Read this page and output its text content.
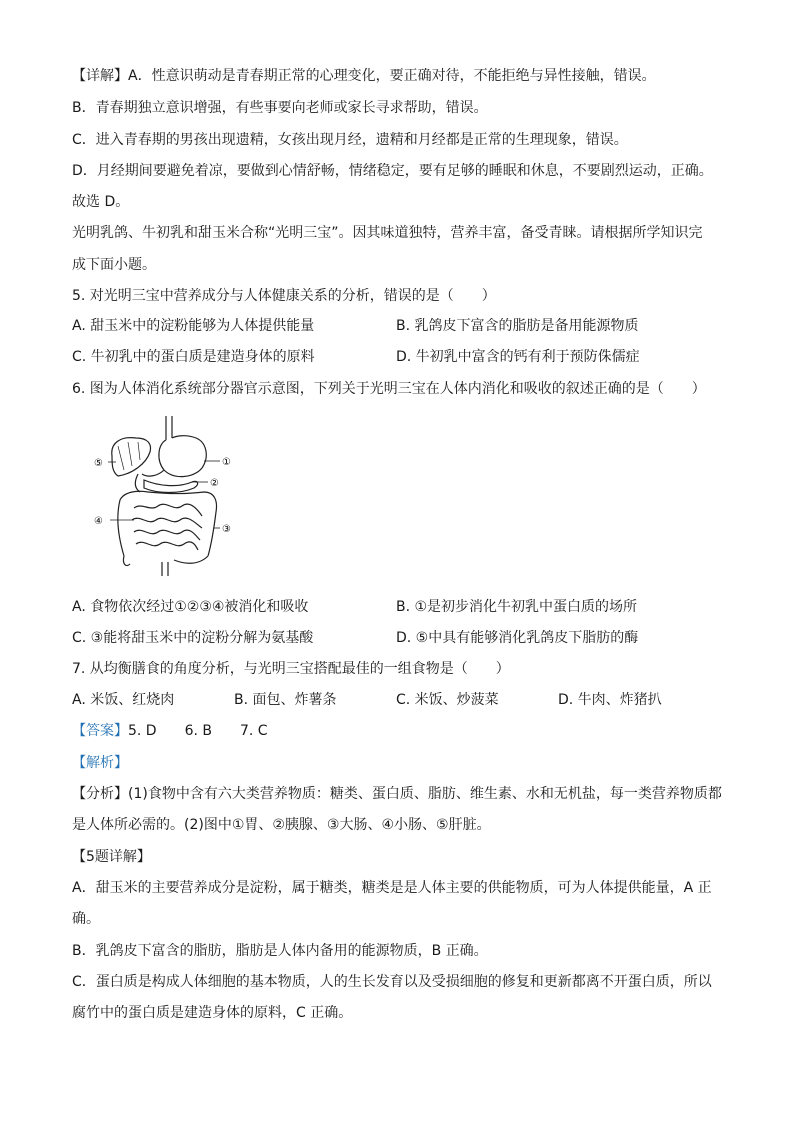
【详解】A．性意识萌动是青春期正常的心理变化，要正确对待，不能拒绝与异性接触，错误。
B．青春期独立意识增强，有些事要向老师或家长寻求帮助，错误。
C．进入青春期的男孩出现遗精，女孩出现月经，遗精和月经都是正常的生理现象，错误。
D．月经期间要避免着凉，要做到心情舒畅，情绪稳定，要有足够的睡眠和休息，不要剧烈运动，正确。
故选 D。
光明乳鸽、牛初乳和甜玉米合称“光明三宝”。因其味道独特，营养丰富，备受青睐。请根据所学知识完
成下面小题。
5. 对光明三宝中营养成分与人体健康关系的分析，错误的是（　　）
A. 甜玉米中的淀粉能够为人体提供能量	B. 乳鸽皮下富含的脂肪是备用能源物质
C. 牛初乳中的蛋白质是建造身体的原料	D. 牛初乳中富含的钙有利于预防侏儒症
6. 图为人体消化系统部分器官示意图，下列关于光明三宝在人体内消化和吸收的叙述正确的是（　　）
①
②
③
④
⑤
A. 食物依次经过①②③④被消化和吸收	B. ①是初步消化牛初乳中蛋白质的场所
C. ③能将甜玉米中的淀粉分解为氨基酸	D. ⑤中具有能够消化乳鸽皮下脂肪的酶
7. 从均衡膳食的角度分析，与光明三宝搭配最佳的一组食物是（　　）
A. 米饭、红烧肉	B. 面包、炸薯条	C. 米饭、炒菠菜	D. 牛肉、炸猪扒
【答案】5. D　　6. B　　7. C
【解析】
【分析】(1)食物中含有六大类营养物质：糖类、蛋白质、脂肪、维生素、水和无机盐，每一类营养物质都
是人体所必需的。(2)图中①胃、②胰腺、③大肠、④小肠、⑤肝脏。
【5题详解】
A．甜玉米的主要营养成分是淀粉，属于糖类，糖类是是人体主要的供能物质，可为人体提供能量，A 正
确。
B．乳鸽皮下富含的脂肪，脂肪是人体内备用的能源物质，B 正确。
C．蛋白质是构成人体细胞的基本物质，人的生长发育以及受损细胞的修复和更新都离不开蛋白质，所以
腐竹中的蛋白质是建造身体的原料，C 正确。
